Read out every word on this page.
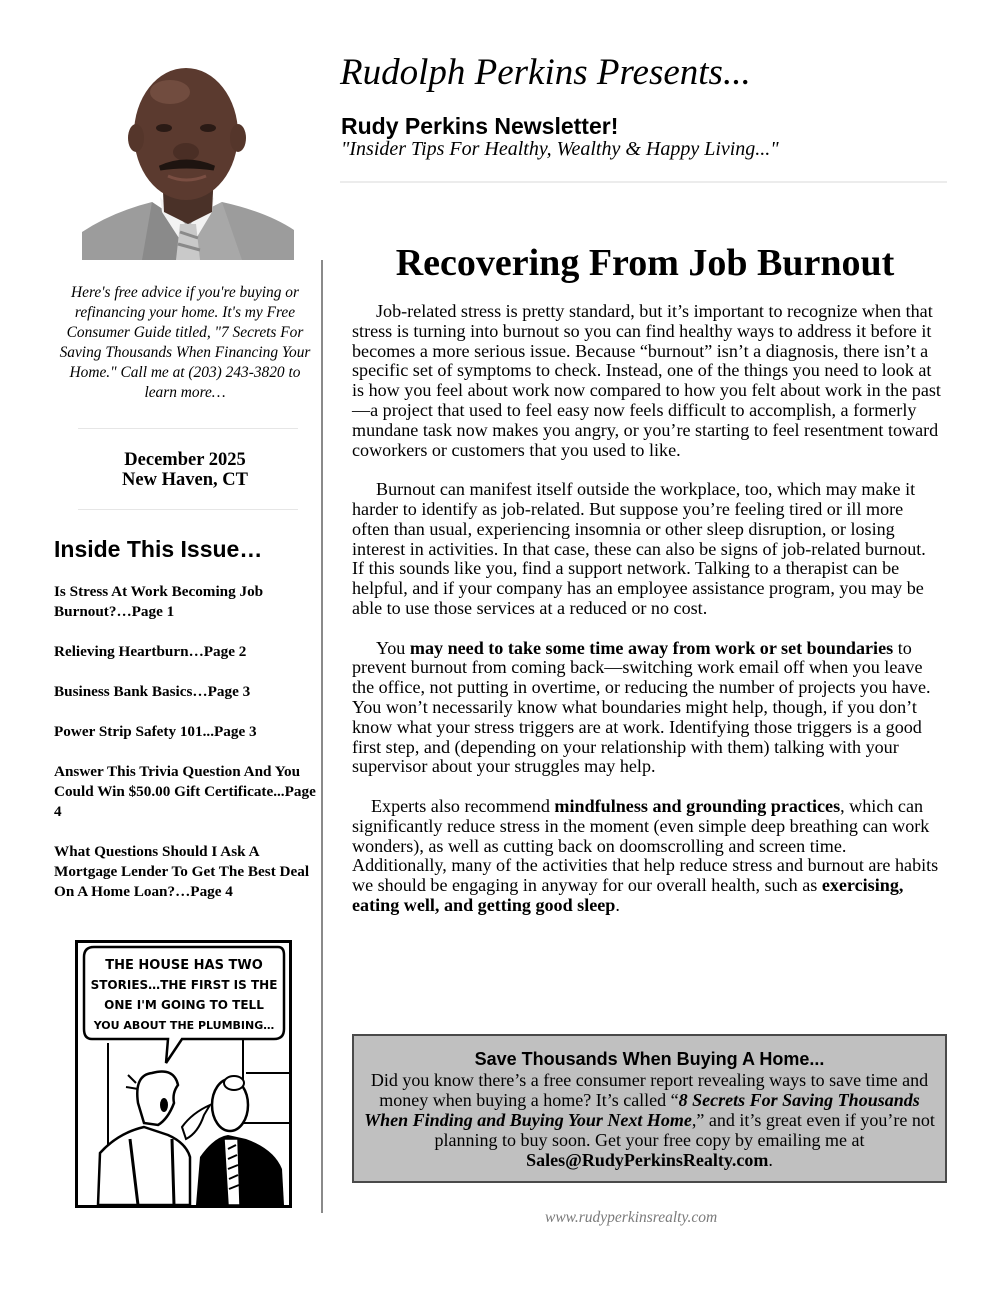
Rudolph Perkins Presents...
Rudy Perkins Newsletter!
"Insider Tips For Healthy, Wealthy & Happy Living..."
Here's free advice if you're buying or refinancing your home. It's my Free Consumer Guide titled, "7 Secrets For Saving Thousands When Financing Your Home." Call me at (203) 243-3820 to learn more…
December 2025
New Haven, CT
Inside This Issue…
Is Stress At Work Becoming Job Burnout?…Page 1
Relieving Heartburn…Page 2
Business Bank Basics…Page 3
Power Strip Safety 101...Page 3
Answer This Trivia Question And You Could Win $50.00 Gift Certificate...Page 4
What Questions Should I Ask A Mortgage Lender To Get The Best Deal On A Home Loan?…Page 4
THE HOUSE HAS TWO
STORIES…THE FIRST IS THE
ONE I'M GOING TO TELL
YOU ABOUT THE PLUMBING…
Recovering From Job Burnout

Job-related stress is pretty standard, but it’s important to recognize when that stress is turning into burnout so you can find healthy ways to address it before it becomes a more serious issue. Because “burnout” isn’t a diagnosis, there isn’t a specific set of symptoms to check. Instead, one of the things you need to look at is how you feel about work now compared to how you felt about work in the past—a project that used to feel easy now feels difficult to accomplish, a formerly mundane task now makes you angry, or you’re starting to feel resentment toward coworkers or customers that you used to like.

Burnout can manifest itself outside the workplace, too, which may make it harder to identify as job-related. But suppose you’re feeling tired or ill more often than usual, experiencing insomnia or other sleep disruption, or losing interest in activities. In that case, these can also be signs of job-related burnout. If this sounds like you, find a support network. Talking to a therapist can be helpful, and if your company has an employee assistance program, you may be able to use those services at a reduced or no cost.

You may need to take some time away from work or set boundaries to prevent burnout from coming back—switching work email off when you leave the office, not putting in overtime, or reducing the number of projects you have. You won’t necessarily know what boundaries might help, though, if you don’t know what your stress triggers are at work. Identifying those triggers is a good first step, and (depending on your relationship with them) talking with your supervisor about your struggles may help.

Experts also recommend mindfulness and grounding practices, which can significantly reduce stress in the moment (even simple deep breathing can work wonders), as well as cutting back on doomscrolling and screen time. Additionally, many of the activities that help reduce stress and burnout are habits we should be engaging in anyway for our overall health, such as exercising, eating well, and getting good sleep.

Save Thousands When Buying A Home...
Did you know there’s a free consumer report revealing ways to save time and money when buying a home? It’s called “8 Secrets For Saving Thousands When Finding and Buying Your Next Home,” and it’s great even if you’re not planning to buy soon. Get your free copy by emailing me at Sales@RudyPerkinsRealty.com.
www.rudyperkinsrealty.com
